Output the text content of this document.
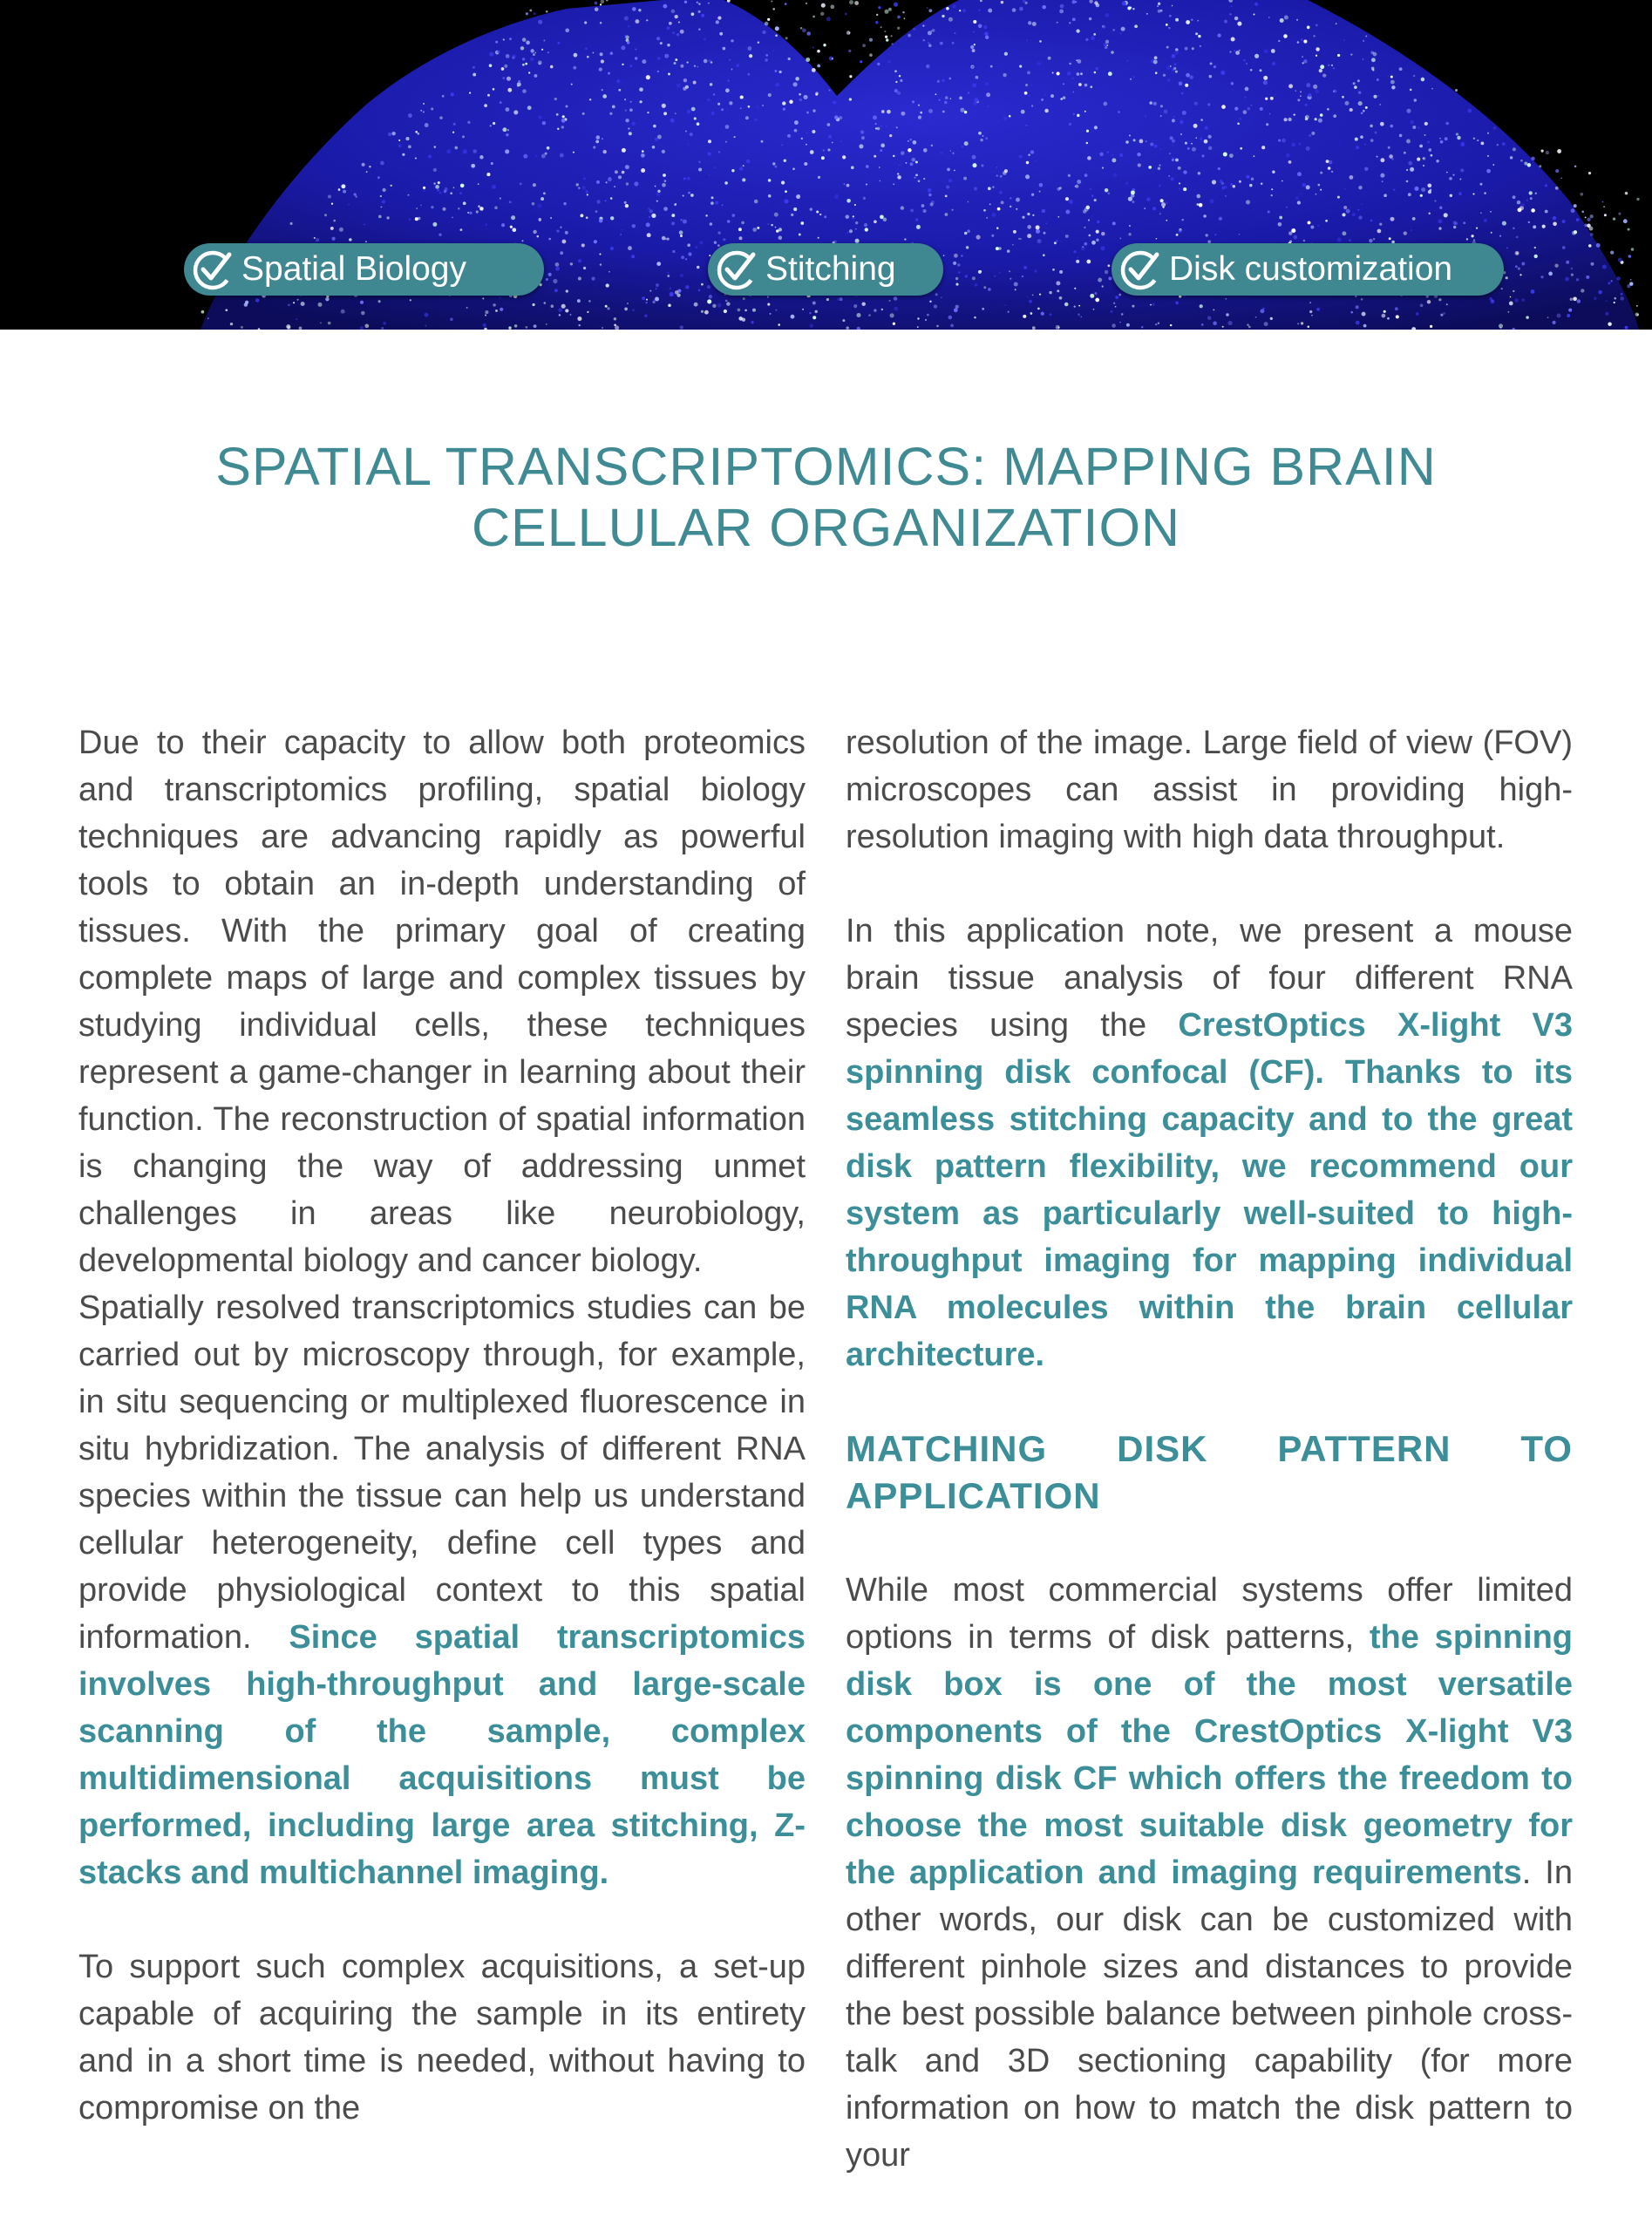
Spatial Biology	Stitching	Disk customization
SPATIAL TRANSCRIPTOMICS: MAPPING BRAIN
CELLULAR ORGANIZATION

Due to their capacity to allow both proteomics and transcriptomics profiling, spatial biology techniques are advancing rapidly as powerful tools to obtain an in-depth understanding of tissues. With the primary goal of creating complete maps of large and complex tissues by studying individual cells, these techniques represent a game-changer in learning about their function. The reconstruction of spatial information is changing the way of addressing unmet challenges in areas like neurobiology, developmental biology and cancer biology.

Spatially resolved transcriptomics studies can be carried out by microscopy through, for example, in situ sequencing or multiplexed fluorescence in situ hybridization. The analysis of different RNA species within the tissue can help us understand cellular heterogeneity, define cell types and provide physiological context to this spatial information. Since spatial transcriptomics involves high-throughput and large-scale scanning of the sample, complex multidimensional acquisitions must be performed, including large area stitching, Z-stacks and multichannel imaging.

To support such complex acquisitions, a set-up capable of acquiring the sample in its entirety and in a short time is needed, without having to compromise on the

resolution of the image. Large field of view (FOV) microscopes can assist in providing high-resolution imaging with high data throughput.

In this application note, we present a mouse brain tissue analysis of four different RNA species using the CrestOptics X-light V3 spinning disk confocal (CF). Thanks to its seamless stitching capacity and to the great disk pattern flexibility, we recommend our system as particularly well-suited to high-throughput imaging for mapping individual RNA molecules within the brain cellular architecture.

MATCHING DISK PATTERN TO APPLICATION

While most commercial systems offer limited options in terms of disk patterns, the spinning disk box is one of the most versatile components of the CrestOptics X-light V3 spinning disk CF which offers the freedom to choose the most suitable disk geometry for the application and imaging requirements. In other words, our disk can be customized with different pinhole sizes and distances to provide the best possible balance between pinhole cross-talk and 3D sectioning capability (for more information on how to match the disk pattern to your
